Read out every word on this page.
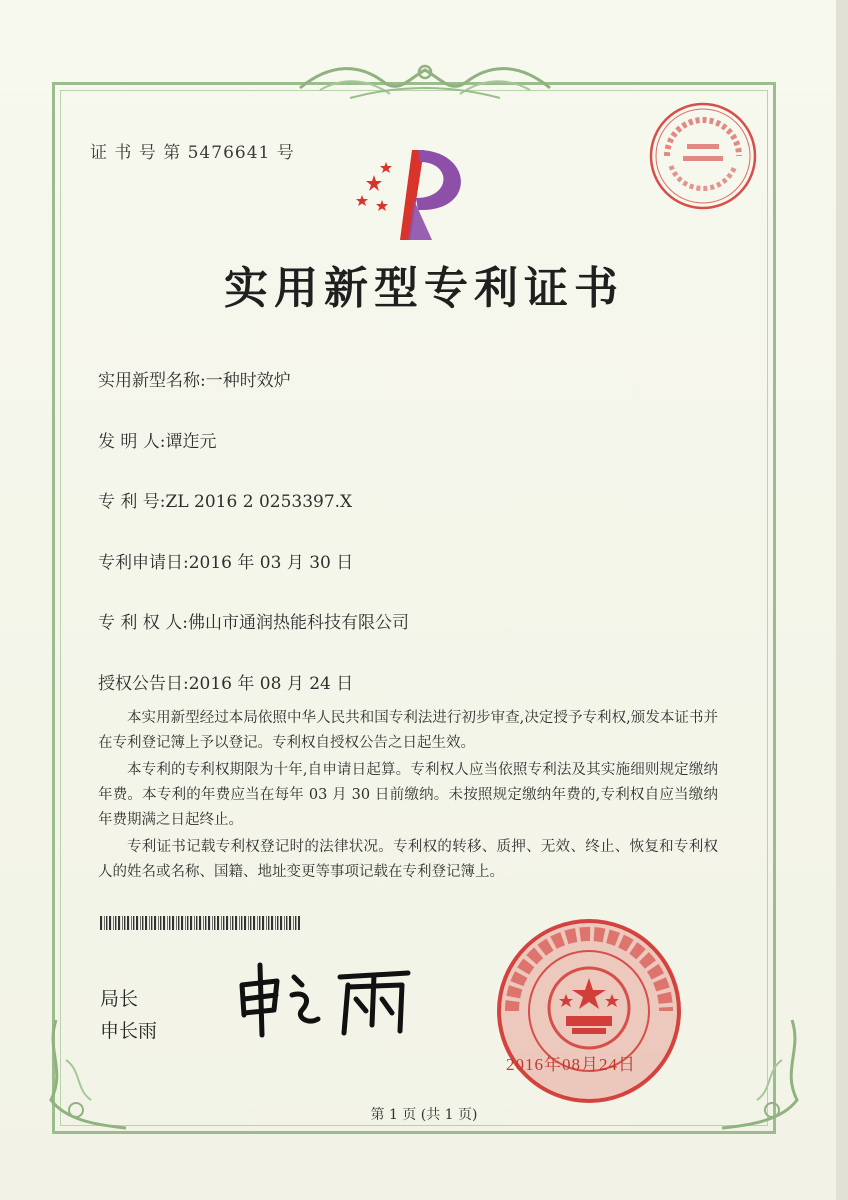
证 书 号 第 5476641 号
实用新型专利证书
实用新型名称:一种时效炉
发 明 人:谭迮元
专 利 号:ZL 2016 2 0253397.X
专利申请日:2016 年 03 月 30 日
专 利 权 人:佛山市通润热能科技有限公司
授权公告日:2016 年 08 月 24 日

本实用新型经过本局依照中华人民共和国专利法进行初步审查,决定授予专利权,颁发本证书并在专利登记簿上予以登记。专利权自授权公告之日起生效。

本专利的专利权期限为十年,自申请日起算。专利权人应当依照专利法及其实施细则规定缴纳年费。本专利的年费应当在每年 03 月 30 日前缴纳。未按照规定缴纳年费的,专利权自应当缴纳年费期满之日起终止。

专利证书记载专利权登记时的法律状况。专利权的转移、质押、无效、终止、恢复和专利权人的姓名或名称、国籍、地址变更等事项记载在专利登记簿上。

局长
申长雨
2016年08月24日
第 1 页 (共 1 页)
